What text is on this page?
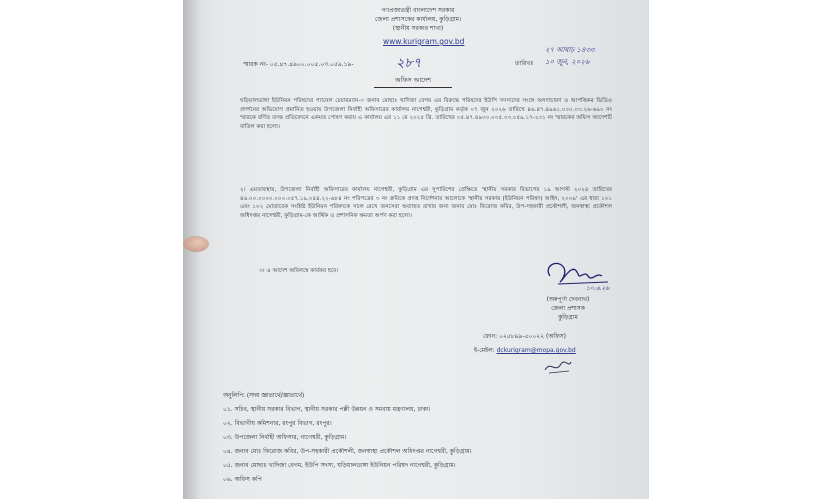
গণপ্রজাতন্ত্রী বাংলাদেশ সরকার
জেলা প্রশাসকের কার্যালয়, কুড়িগ্রাম।
(স্থানীয় সরকার শাখা)
www.kurigram.gov.bd
স্মারক নং- ০৫.৪৭.৪৯০০.০০৫.০৩.০৫৯.১৯-	২৮৭	তারিখঃ
২৭ আষাঢ় ১৪৩৩
১০ জুন, ২০২৬
অফিস আদেশ
ঘড়িয়ালডাঙ্গা ইউনিয়ন পরিষদের প্যানেল চেয়ারম্যান-৩ জনাব মোছাঃ খাদিজা বেগম এর বিরুদ্ধে পরিষদের ইউপি সদস্যদের সংঙ্গে অসদাচারণ ও আপত্তিকর ভিডিও প্রদর্শনের অভিযোগ প্রমানিত হওয়ায় উপজেলা নির্বাহী অফিসারের কার্যালয় নাগেশ্বরী, কুড়িগ্রাম কর্তৃক ০৭ জুন ২০২৬ তারিখে ৪৬.৪৭.৪৯৬১.০০০.০৩.২৬-৬৯০ নং স্মারকে বর্ণিত তদন্ত প্রতিবেদনে একমত পোষণ করায় এ কার্যালয় এর ১১ মে ২০২৫ খ্রি. তারিখের ০৫.৪৭.৪৯০০.০০৫.০৩.০৫৯.১৭-২৩১ নং স্মারকের অফিস আদেশটি বাতিল করা হলো।
২। এমতাবস্থায়, উপজেলা নির্বাহী অফিসারের কার্যালয় নাগেশ্বরী, কুড়িগ্রাম এর সুপারিশের প্রেক্ষিতে 'স্থানীয় সরকার বিভাগের ১৯ আগস্ট ২০২৪ তারিখের ৪৬.০০.০০০০.০০০.০৫৭.১৯.০৪৪.২২-৬৮৪ নং পরিপত্রের ৩ নং ক্রমিকে প্রদত্ত নির্দেশনার আলোকে 'স্থানীয় সরকার (ইউনিয়ন পরিষদ) আইন, ২০০৯' এর ধারা ১০১ এবং ১০২ মোতাবেক সংশ্লিষ্ট ইউনিয়ন পরিষদকে সচল রেখে জনসেবা অব্যাহত রাখার জন্য জনাব মোঃ ফিরোজ কবির, উপ-সহকারী প্রকৌশলী, জনস্বাস্থ্য প্রকৌশল অধিদপ্তর নাগেশ্বরী, কুড়িগ্রাম-কে আর্থিক ও প্রশাসনিক ক্ষমতা অর্পণ করা হলো।
৩। এ আদেশ অবিলম্বে কার্যকর হবে।
১০.৬.২৬
(অন্নপূর্ণা দেবনাথ)
জেলা প্রশাসক
কুড়িগ্রাম
ফোন: ০২৫৮৯৯-৫০০২২ (অফিস)
ই-মেইল: dckurigram@mopa.gov.bd
অনুলিপি: (সদয় জ্ঞাতার্থে/জ্ঞাতার্থে)
০১. সচিব, স্থানীয় সরকার বিভাগ, স্থানীয় সরকার পল্লী উন্নয়ন ও সমবায় মন্ত্রণালয়, ঢাকা।
০২. বিভাগীয় কমিশনার, রংপুর বিভাগ, রংপুর।
০৩. উপজেলা নির্বাহী অফিসার, নাগেশ্বরী, কুড়িগ্রাম।
০৪. জনাব মোঃ ফিরোজ কবির, উপ-সহকারী প্রকৌশলী, জনস্বাস্থ্য প্রকৌশল অধিদপ্তর নাগেশ্বরী, কুড়িগ্রাম।
০৫. জনাব মোছাঃ খাদিজা বেগম, ইউপি সদস্য, ঘড়িয়ালডাঙ্গা ইউনিয়ন পরিষদ নাগেশ্বরী, কুড়িগ্রাম।
০৬. অফিস কপি
